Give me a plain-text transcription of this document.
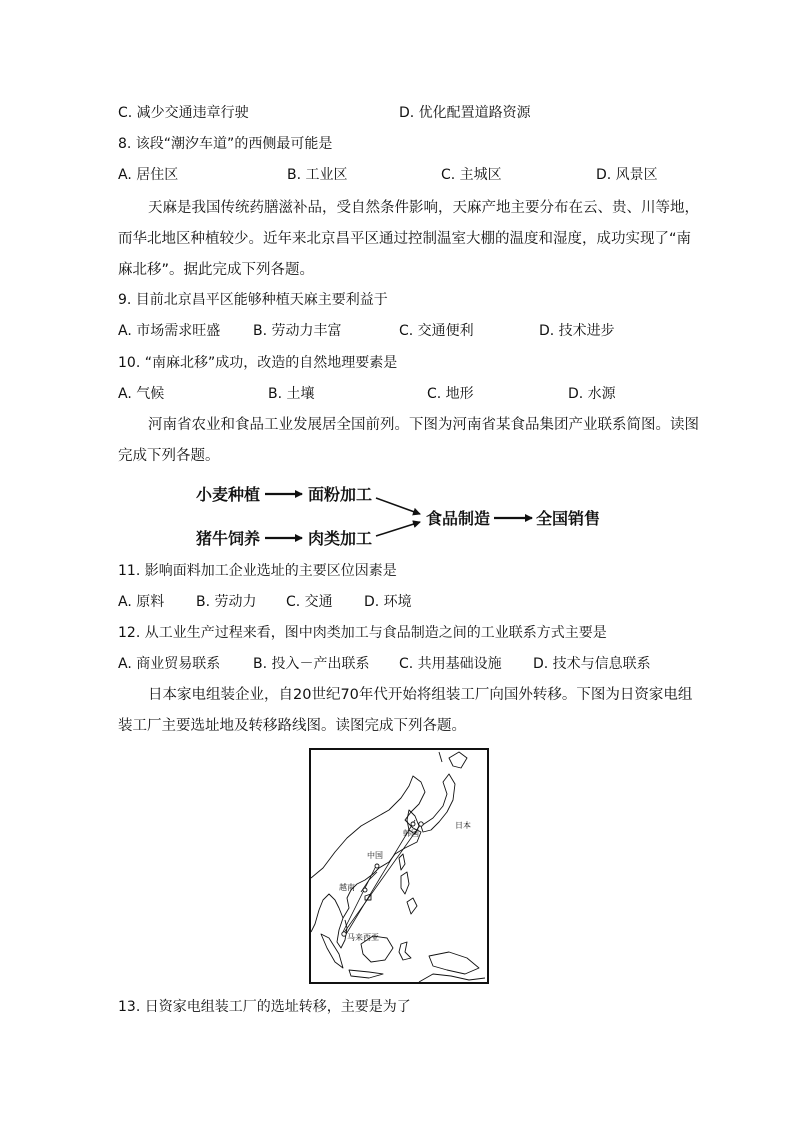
C. 减少交通违章行驶	D. 优化配置道路资源
8. 该段“潮汐车道”的西侧最可能是
A. 居住区	B. 工业区	C. 主城区	D. 风景区
天麻是我国传统药膳滋补品，受自然条件影响，天麻产地主要分布在云、贵、川等地，
而华北地区种植较少。近年来北京昌平区通过控制温室大棚的温度和湿度，成功实现了“南
麻北移”。据此完成下列各题。
9. 目前北京昌平区能够种植天麻主要利益于
A. 市场需求旺盛 B. 劳动力丰富	C. 交通便利	D. 技术进步
10. “南麻北移”成功，改造的自然地理要素是
A. 气候	B. 土壤	C. 地形	D. 水源
河南省农业和食品工业发展居全国前列。下图为河南省某食品集团产业联系简图。读图
完成下列各题。
小麦种植	面粉加工
猪牛饲养	肉类加工
食品制造	全国销售
11. 影响面料加工企业选址的主要区位因素是
A. 原料 B. 劳动力 C. 交通 D. 环境
12. 从工业生产过程来看，图中肉类加工与食品制造之间的工业联系方式主要是
A. 商业贸易联系 B. 投入－产出联系 C. 共用基础设施 D. 技术与信息联系
日本家电组装企业，自20世纪70年代开始将组装工厂向国外转移。下图为日资家电组
装工厂主要选址地及转移路线图。读图完成下列各题。
日本
韩国
中国
越南
马来西亚
13. 日资家电组装工厂的选址转移，主要是为了
